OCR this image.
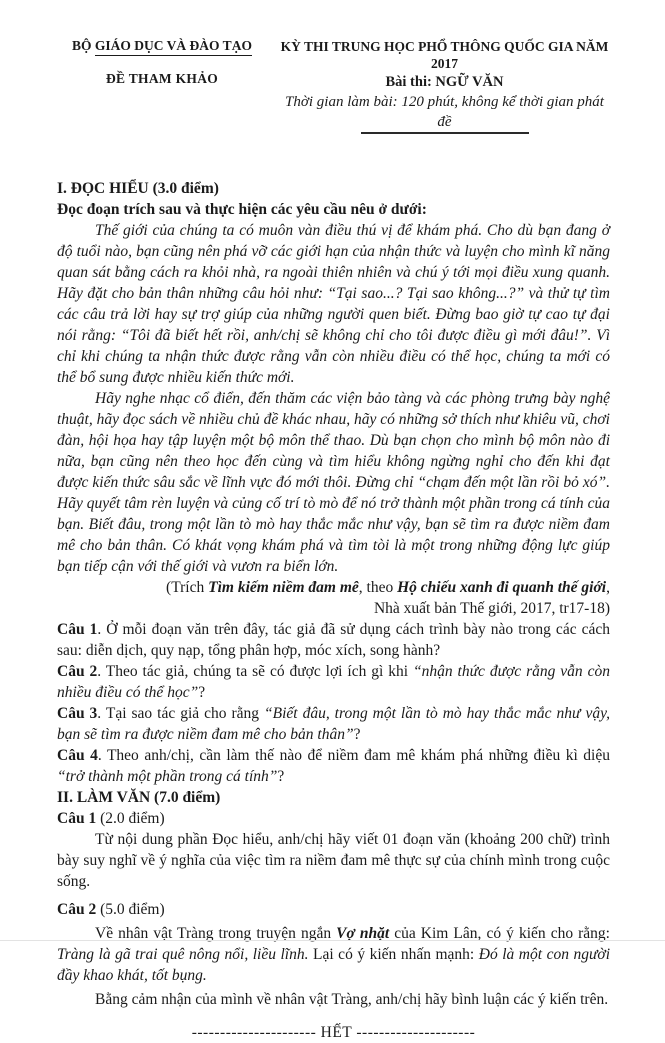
BỘ GIÁO DỤC VÀ ĐÀO TẠO
ĐỀ THAM KHẢO
KỲ THI TRUNG HỌC PHỔ THÔNG QUỐC GIA NĂM 2017
Bài thi: NGỮ VĂN
Thời gian làm bài: 120 phút, không kể thời gian phát đề

I. ĐỌC HIỂU (3.0 điểm)

Đọc đoạn trích sau và thực hiện các yêu cầu nêu ở dưới:

Thế giới của chúng ta có muôn vàn điều thú vị để khám phá. Cho dù bạn đang ở độ tuổi nào, bạn cũng nên phá vỡ các giới hạn của nhận thức và luyện cho mình kĩ năng quan sát bằng cách ra khỏi nhà, ra ngoài thiên nhiên và chú ý tới mọi điều xung quanh. Hãy đặt cho bản thân những câu hỏi như: “Tại sao...? Tại sao không...?” và thử tự tìm các câu trả lời hay sự trợ giúp của những người quen biết. Đừng bao giờ tự cao tự đại nói rằng: “Tôi đã biết hết rồi, anh/chị sẽ không chỉ cho tôi được điều gì mới đâu!”. Vì chỉ khi chúng ta nhận thức được rằng vẫn còn nhiều điều có thể học, chúng ta mới có thể bổ sung được nhiều kiến thức mới.

Hãy nghe nhạc cổ điển, đến thăm các viện bảo tàng và các phòng trưng bày nghệ thuật, hãy đọc sách về nhiều chủ đề khác nhau, hãy có những sở thích như khiêu vũ, chơi đàn, hội họa hay tập luyện một bộ môn thể thao. Dù bạn chọn cho mình bộ môn nào đi nữa, bạn cũng nên theo học đến cùng và tìm hiểu không ngừng nghỉ cho đến khi đạt được kiến thức sâu sắc về lĩnh vực đó mới thôi. Đừng chỉ “chạm đến một lần rồi bỏ xó”. Hãy quyết tâm rèn luyện và củng cố trí tò mò để nó trở thành một phần trong cá tính của bạn. Biết đâu, trong một lần tò mò hay thắc mắc như vậy, bạn sẽ tìm ra được niềm đam mê cho bản thân. Có khát vọng khám phá và tìm tòi là một trong những động lực giúp bạn tiếp cận với thế giới và vươn ra biển lớn.

(Trích Tìm kiếm niềm đam mê, theo Hộ chiếu xanh đi quanh thế giới,

Nhà xuất bản Thế giới, 2017, tr17-18)

Câu 1. Ở mỗi đoạn văn trên đây, tác giả đã sử dụng cách trình bày nào trong các cách sau: diễn dịch, quy nạp, tổng phân hợp, móc xích, song hành?

Câu 2. Theo tác giả, chúng ta sẽ có được lợi ích gì khi “nhận thức được rằng vẫn còn nhiều điều có thể học”?

Câu 3. Tại sao tác giả cho rằng “Biết đâu, trong một lần tò mò hay thắc mắc như vậy, bạn sẽ tìm ra được niềm đam mê cho bản thân”?

Câu 4. Theo anh/chị, cần làm thế nào để niềm đam mê khám phá những điều kì diệu “trở thành một phần trong cá tính”?

II. LÀM VĂN (7.0 điểm)

Câu 1 (2.0 điểm)

Từ nội dung phần Đọc hiểu, anh/chị hãy viết 01 đoạn văn (khoảng 200 chữ) trình bày suy nghĩ về ý nghĩa của việc tìm ra niềm đam mê thực sự của chính mình trong cuộc sống.

Câu 2 (5.0 điểm)

Về nhân vật Tràng trong truyện ngắn Vợ nhặt của Kim Lân, có ý kiến cho rằng: Tràng là gã trai quê nông nổi, liều lĩnh. Lại có ý kiến nhấn mạnh: Đó là một con người đầy khao khát, tốt bụng.

Bằng cảm nhận của mình về nhân vật Tràng, anh/chị hãy bình luận các ý kiến trên.

---------------------- HẾT ---------------------
